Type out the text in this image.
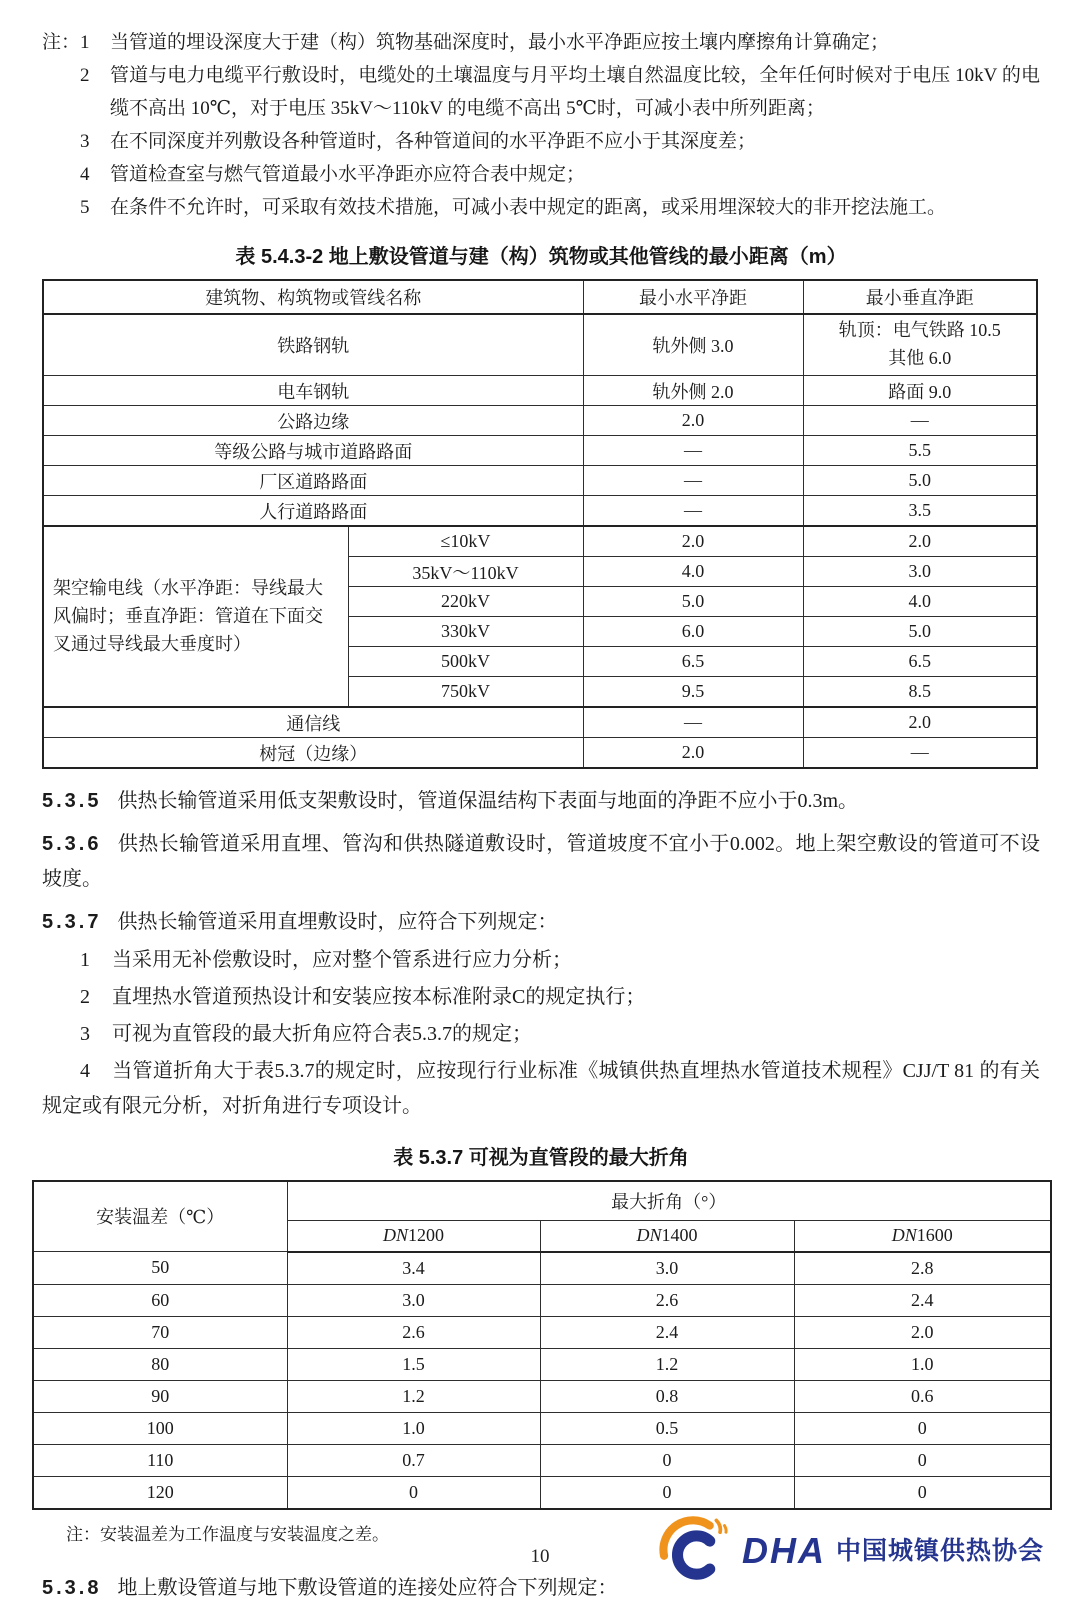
注： 1	当管道的埋设深度大于建（构）筑物基础深度时，最小水平净距应按土壤内摩擦角计算确定；
2	管道与电力电缆平行敷设时，电缆处的土壤温度与月平均土壤自然温度比较，全年任何时候对于电压 10kV 的电缆不高出 10℃，对于电压 35kV～110kV 的电缆不高出 5℃时，可减小表中所列距离；
3	在不同深度并列敷设各种管道时，各种管道间的水平净距不应小于其深度差；
4	管道检查室与燃气管道最小水平净距亦应符合表中规定；
5	在条件不允许时，可采取有效技术措施，可减小表中规定的距离，或采用埋深较大的非开挖法施工。
表 5.4.3-2 地上敷设管道与建（构）筑物或其他管线的最小距离（m）
建筑物、构筑物或管线名称		最小水平净距	最小垂直净距
铁路钢轨		轨外侧 3.0	轨顶：电气铁路 10.5
其他 6.0

电车钢轨		轨外侧 2.0	路面 9.0
公路边缘		2.0	—
等级公路与城市道路路面		—	5.5
厂区道路路面		—	5.0
人行道路路面		—	3.5
架空输电线（水平净距：导线最大风偏时；垂直净距：管道在下面交叉通过导线最大垂度时）	≤10kV	2.0	2.0
	35kV～110kV	4.0	3.0
	220kV	5.0	4.0
	330kV	6.0	5.0
	500kV	6.5	6.5
	750kV	9.5	8.5
通信线		—	2.0
树冠（边缘）		2.0	—
5.3.5 供热长输管道采用低支架敷设时，管道保温结构下表面与地面的净距不应小于0.3m。
5.3.6 供热长输管道采用直埋、管沟和供热隧道敷设时，管道坡度不宜小于0.002。地上架空敷设的管道可不设坡度。
5.3.7 供热长输管道采用直埋敷设时，应符合下列规定：
1 当采用无补偿敷设时，应对整个管系进行应力分析；
2 直埋热水管道预热设计和安装应按本标准附录C的规定执行；
3 可视为直管段的最大折角应符合表5.3.7的规定；
4 当管道折角大于表5.3.7的规定时，应按现行行业标准《城镇供热直埋热水管道技术规程》CJJ/T 81 的有关规定或有限元分析，对折角进行专项设计。
表 5.3.7 可视为直管段的最大折角
安装温差（℃）	最大折角（°）		
	DN1200	DN1400	DN1600
50	3.4	3.0	2.8
60	3.0	2.6	2.4
70	2.6	2.4	2.0
80	1.5	1.2	1.0
90	1.2	0.8	0.6
100	1.0	0.5	0
110	0.7	0	0
120	0	0	0
注：安装温差为工作温度与安装温度之差。
5.3.8 地上敷设管道与地下敷设管道的连接处应符合下列规定：
10	DHA 中国城镇供热协会
